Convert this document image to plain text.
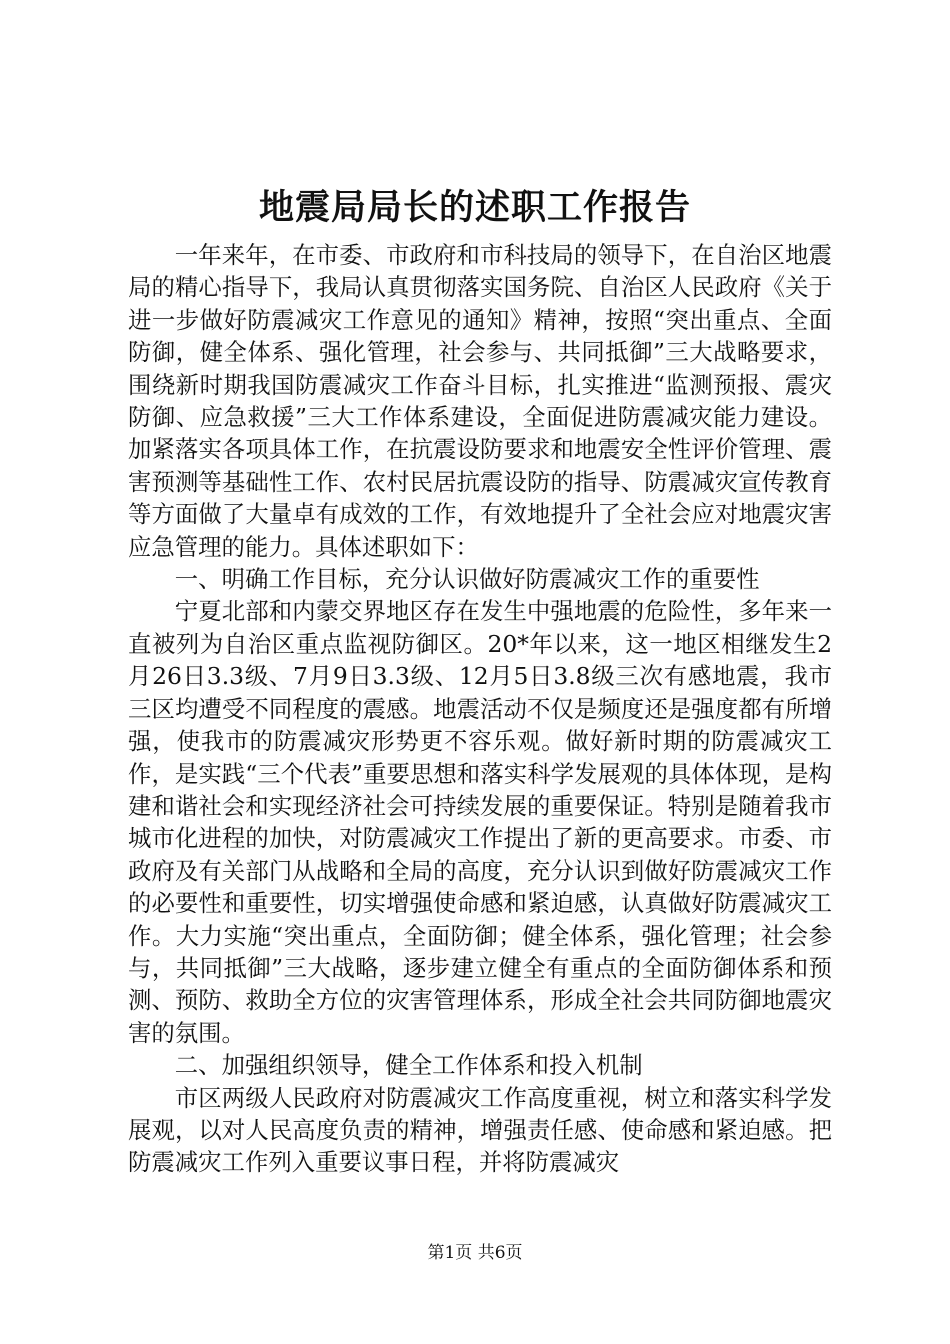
地震局局长的述职工作报告

一年来年，在市委、市政府和市科技局的领导下，在自治区地震局的精心指导下，我局认真贯彻落实国务院、自治区人民政府《关于进一步做好防震减灾工作意见的通知》精神，按照“突出重点、全面防御，健全体系、强化管理，社会参与、共同抵御”三大战略要求，围绕新时期我国防震减灾工作奋斗目标，扎实推进“监测预报、震灾防御、应急救援”三大工作体系建设，全面促进防震减灾能力建设。加紧落实各项具体工作，在抗震设防要求和地震安全性评价管理、震害预测等基础性工作、农村民居抗震设防的指导、防震减灾宣传教育等方面做了大量卓有成效的工作，有效地提升了全社会应对地震灾害应急管理的能力。具体述职如下：

一、明确工作目标，充分认识做好防震减灾工作的重要性

宁夏北部和内蒙交界地区存在发生中强地震的危险性，多年来一直被列为自治区重点监视防御区。20*年以来，这一地区相继发生2月26日3.3级、7月9日3.3级、12月5日3.8级三次有感地震，我市三区均遭受不同程度的震感。地震活动不仅是频度还是强度都有所增强，使我市的防震减灾形势更不容乐观。做好新时期的防震减灾工作，是实践“三个代表”重要思想和落实科学发展观的具体体现，是构建和谐社会和实现经济社会可持续发展的重要保证。特别是随着我市城市化进程的加快，对防震减灾工作提出了新的更高要求。市委、市政府及有关部门从战略和全局的高度，充分认识到做好防震减灾工作的必要性和重要性，切实增强使命感和紧迫感，认真做好防震减灾工作。大力实施“突出重点，全面防御；健全体系，强化管理；社会参与，共同抵御”三大战略，逐步建立健全有重点的全面防御体系和预测、预防、救助全方位的灾害管理体系，形成全社会共同防御地震灾害的氛围。

二、加强组织领导，健全工作体系和投入机制

市区两级人民政府对防震减灾工作高度重视，树立和落实科学发展观，以对人民高度负责的精神，增强责任感、使命感和紧迫感。把防震减灾工作列入重要议事日程，并将防震减灾

第1页 共6页
